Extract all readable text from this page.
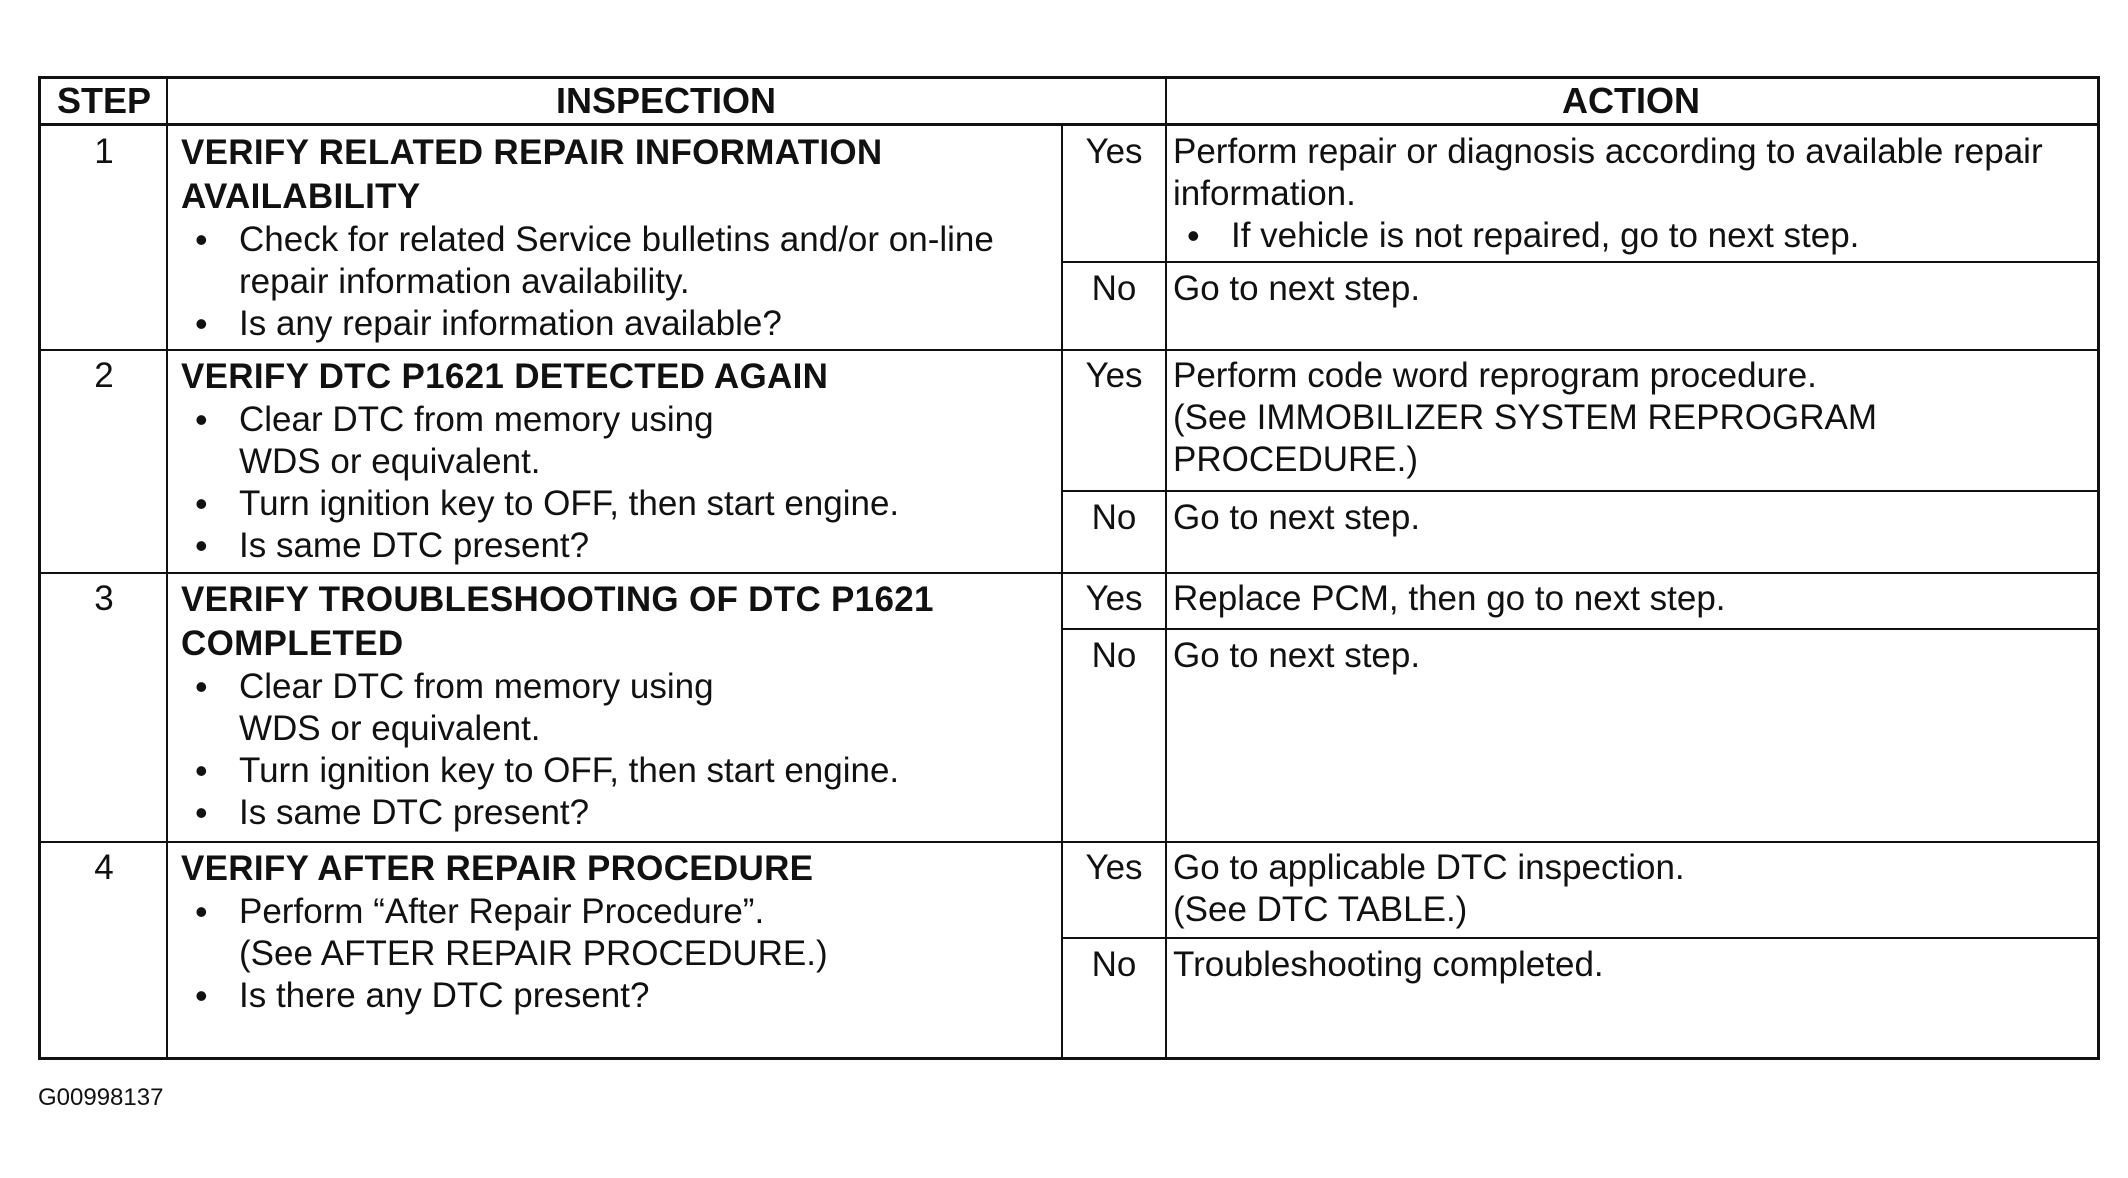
STEP	INSPECTION	ACTION
1	VERIFY RELATED REPAIR INFORMATION AVAILABILITY
• Check for related Service bulletins and/or on-line repair information availability.
• Is any repair information available?
Yes Perform repair or diagnosis according to available repair information.
• If vehicle is not repaired, go to next step.
No	Go to next step.
2	VERIFY DTC P1621 DETECTED AGAIN
• Clear DTC from memory using WDS or equivalent.
• Turn ignition key to OFF, then start engine.
• Is same DTC present?
Yes Perform code word reprogram procedure.
(See IMMOBILIZER SYSTEM REPROGRAM PROCEDURE.)
No	Go to next step.
3	VERIFY TROUBLESHOOTING OF DTC P1621 COMPLETED
• Clear DTC from memory using WDS or equivalent.
• Turn ignition key to OFF, then start engine.
• Is same DTC present?
Yes Replace PCM, then go to next step.
No	Go to next step.
4	VERIFY AFTER REPAIR PROCEDURE
• Perform “After Repair Procedure”.
(See AFTER REPAIR PROCEDURE.)
• Is there any DTC present?
Yes Go to applicable DTC inspection.
(See DTC TABLE.)
No	Troubleshooting completed.
G00998137
